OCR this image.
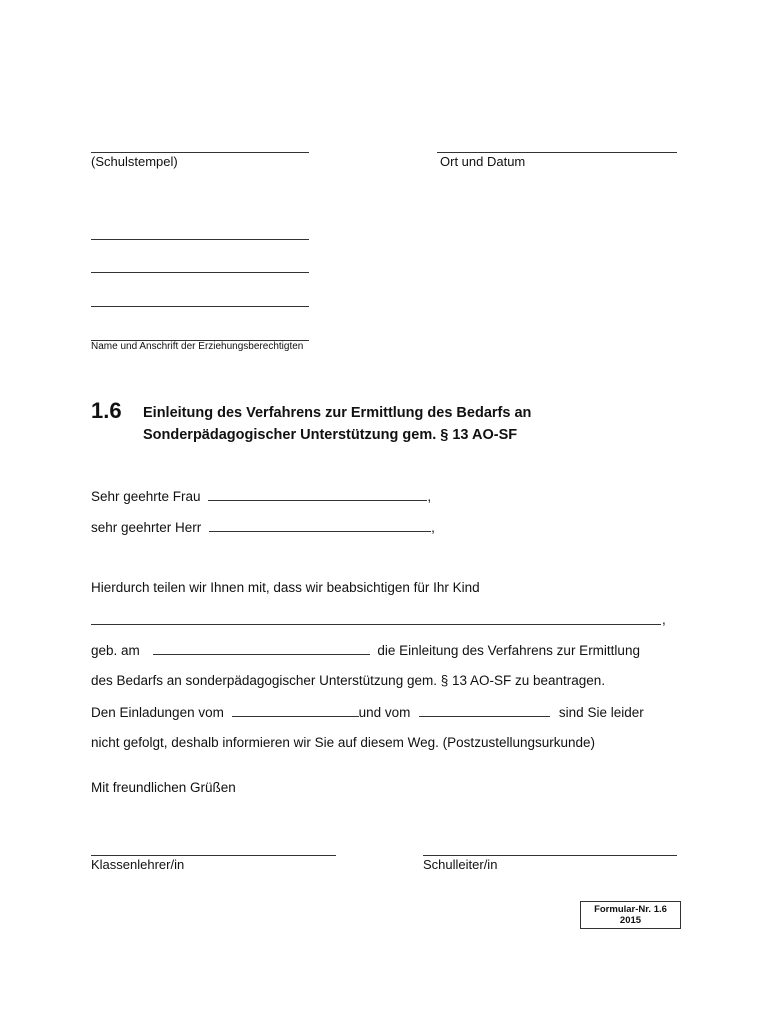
(Schulstempel)	Ort und Datum
Name und Anschrift der Erziehungsberechtigten
1.6 Einleitung des Verfahrens zur Ermittlung des Bedarfs an
Sonderpädagogischer Unterstützung gem. § 13 AO-SF
Sehr geehrte Frau	,
sehr geehrter Herr	,
Hierdurch teilen wir Ihnen mit, dass wir beabsichtigen für Ihr Kind
,
geb. am	die Einleitung des Verfahrens zur Ermittlung
des Bedarfs an sonderpädagogischer Unterstützung gem. § 13 AO-SF zu beantragen.
Den Einladungen vom	und vom	sind Sie leider
nicht gefolgt, deshalb informieren wir Sie auf diesem Weg. (Postzustellungsurkunde)
Mit freundlichen Grüßen
Klassenlehrer/in	Schulleiter/in
Formular-Nr. 1.6
2015
